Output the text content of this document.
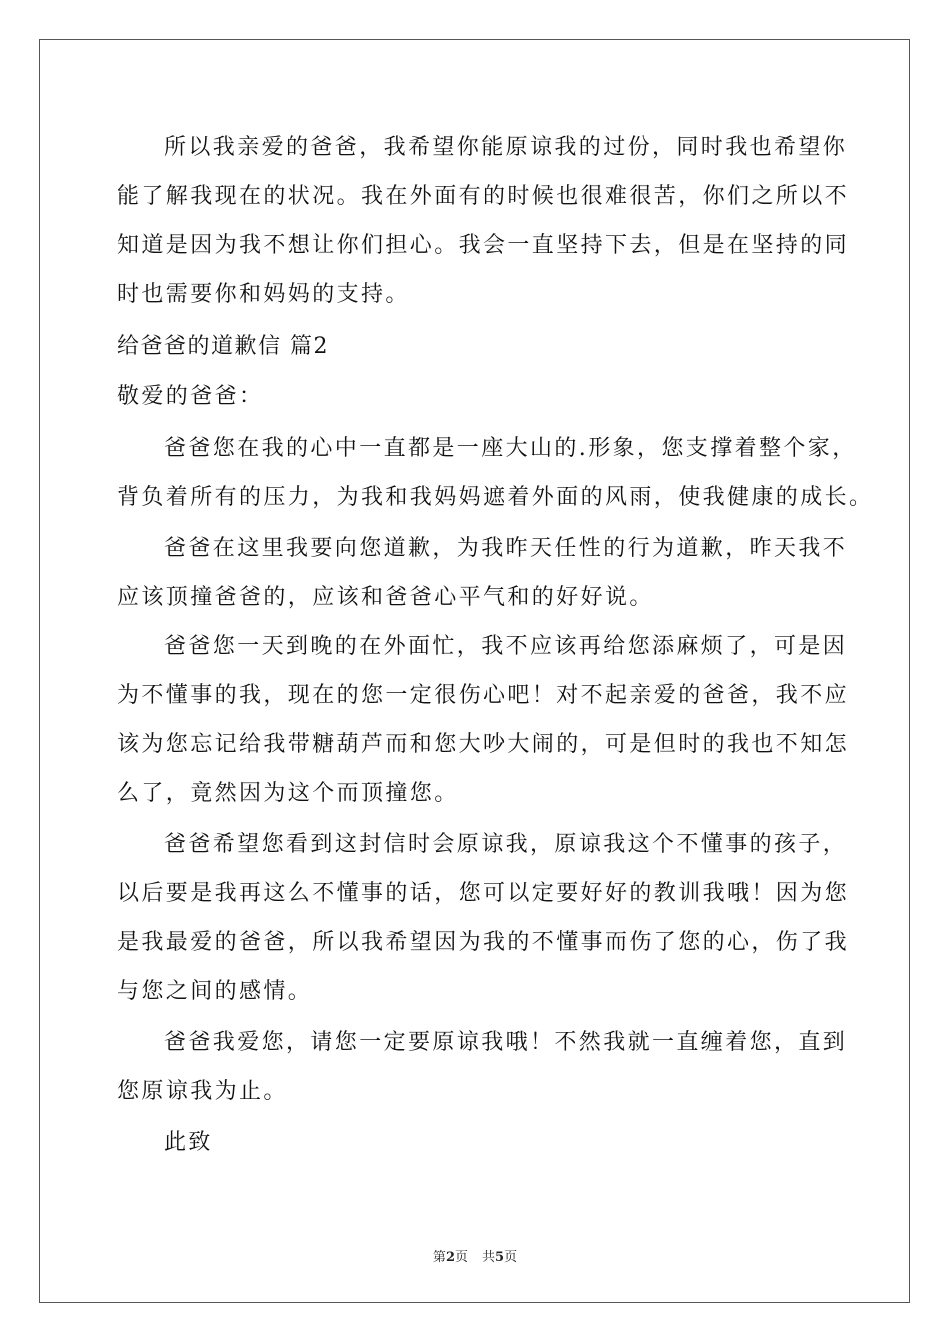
所以我亲爱的爸爸，我希望你能原谅我的过份，同时我也希望你

能了解我现在的状况。我在外面有的时候也很难很苦，你们之所以不

知道是因为我不想让你们担心。我会一直坚持下去，但是在坚持的同

时也需要你和妈妈的支持。

给爸爸的道歉信 篇2

敬爱的爸爸：

爸爸您在我的心中一直都是一座大山的.形象，您支撑着整个家，

背负着所有的压力，为我和我妈妈遮着外面的风雨，使我健康的成长。

爸爸在这里我要向您道歉，为我昨天任性的行为道歉，昨天我不

应该顶撞爸爸的，应该和爸爸心平气和的好好说。

爸爸您一天到晚的在外面忙，我不应该再给您添麻烦了，可是因

为不懂事的我，现在的您一定很伤心吧！对不起亲爱的爸爸，我不应

该为您忘记给我带糖葫芦而和您大吵大闹的，可是但时的我也不知怎

么了，竟然因为这个而顶撞您。

爸爸希望您看到这封信时会原谅我，原谅我这个不懂事的孩子，

以后要是我再这么不懂事的话，您可以定要好好的教训我哦！因为您

是我最爱的爸爸，所以我希望因为我的不懂事而伤了您的心，伤了我

与您之间的感情。

爸爸我爱您，请您一定要原谅我哦！不然我就一直缠着您，直到

您原谅我为止。

此致

第2页 共5页
